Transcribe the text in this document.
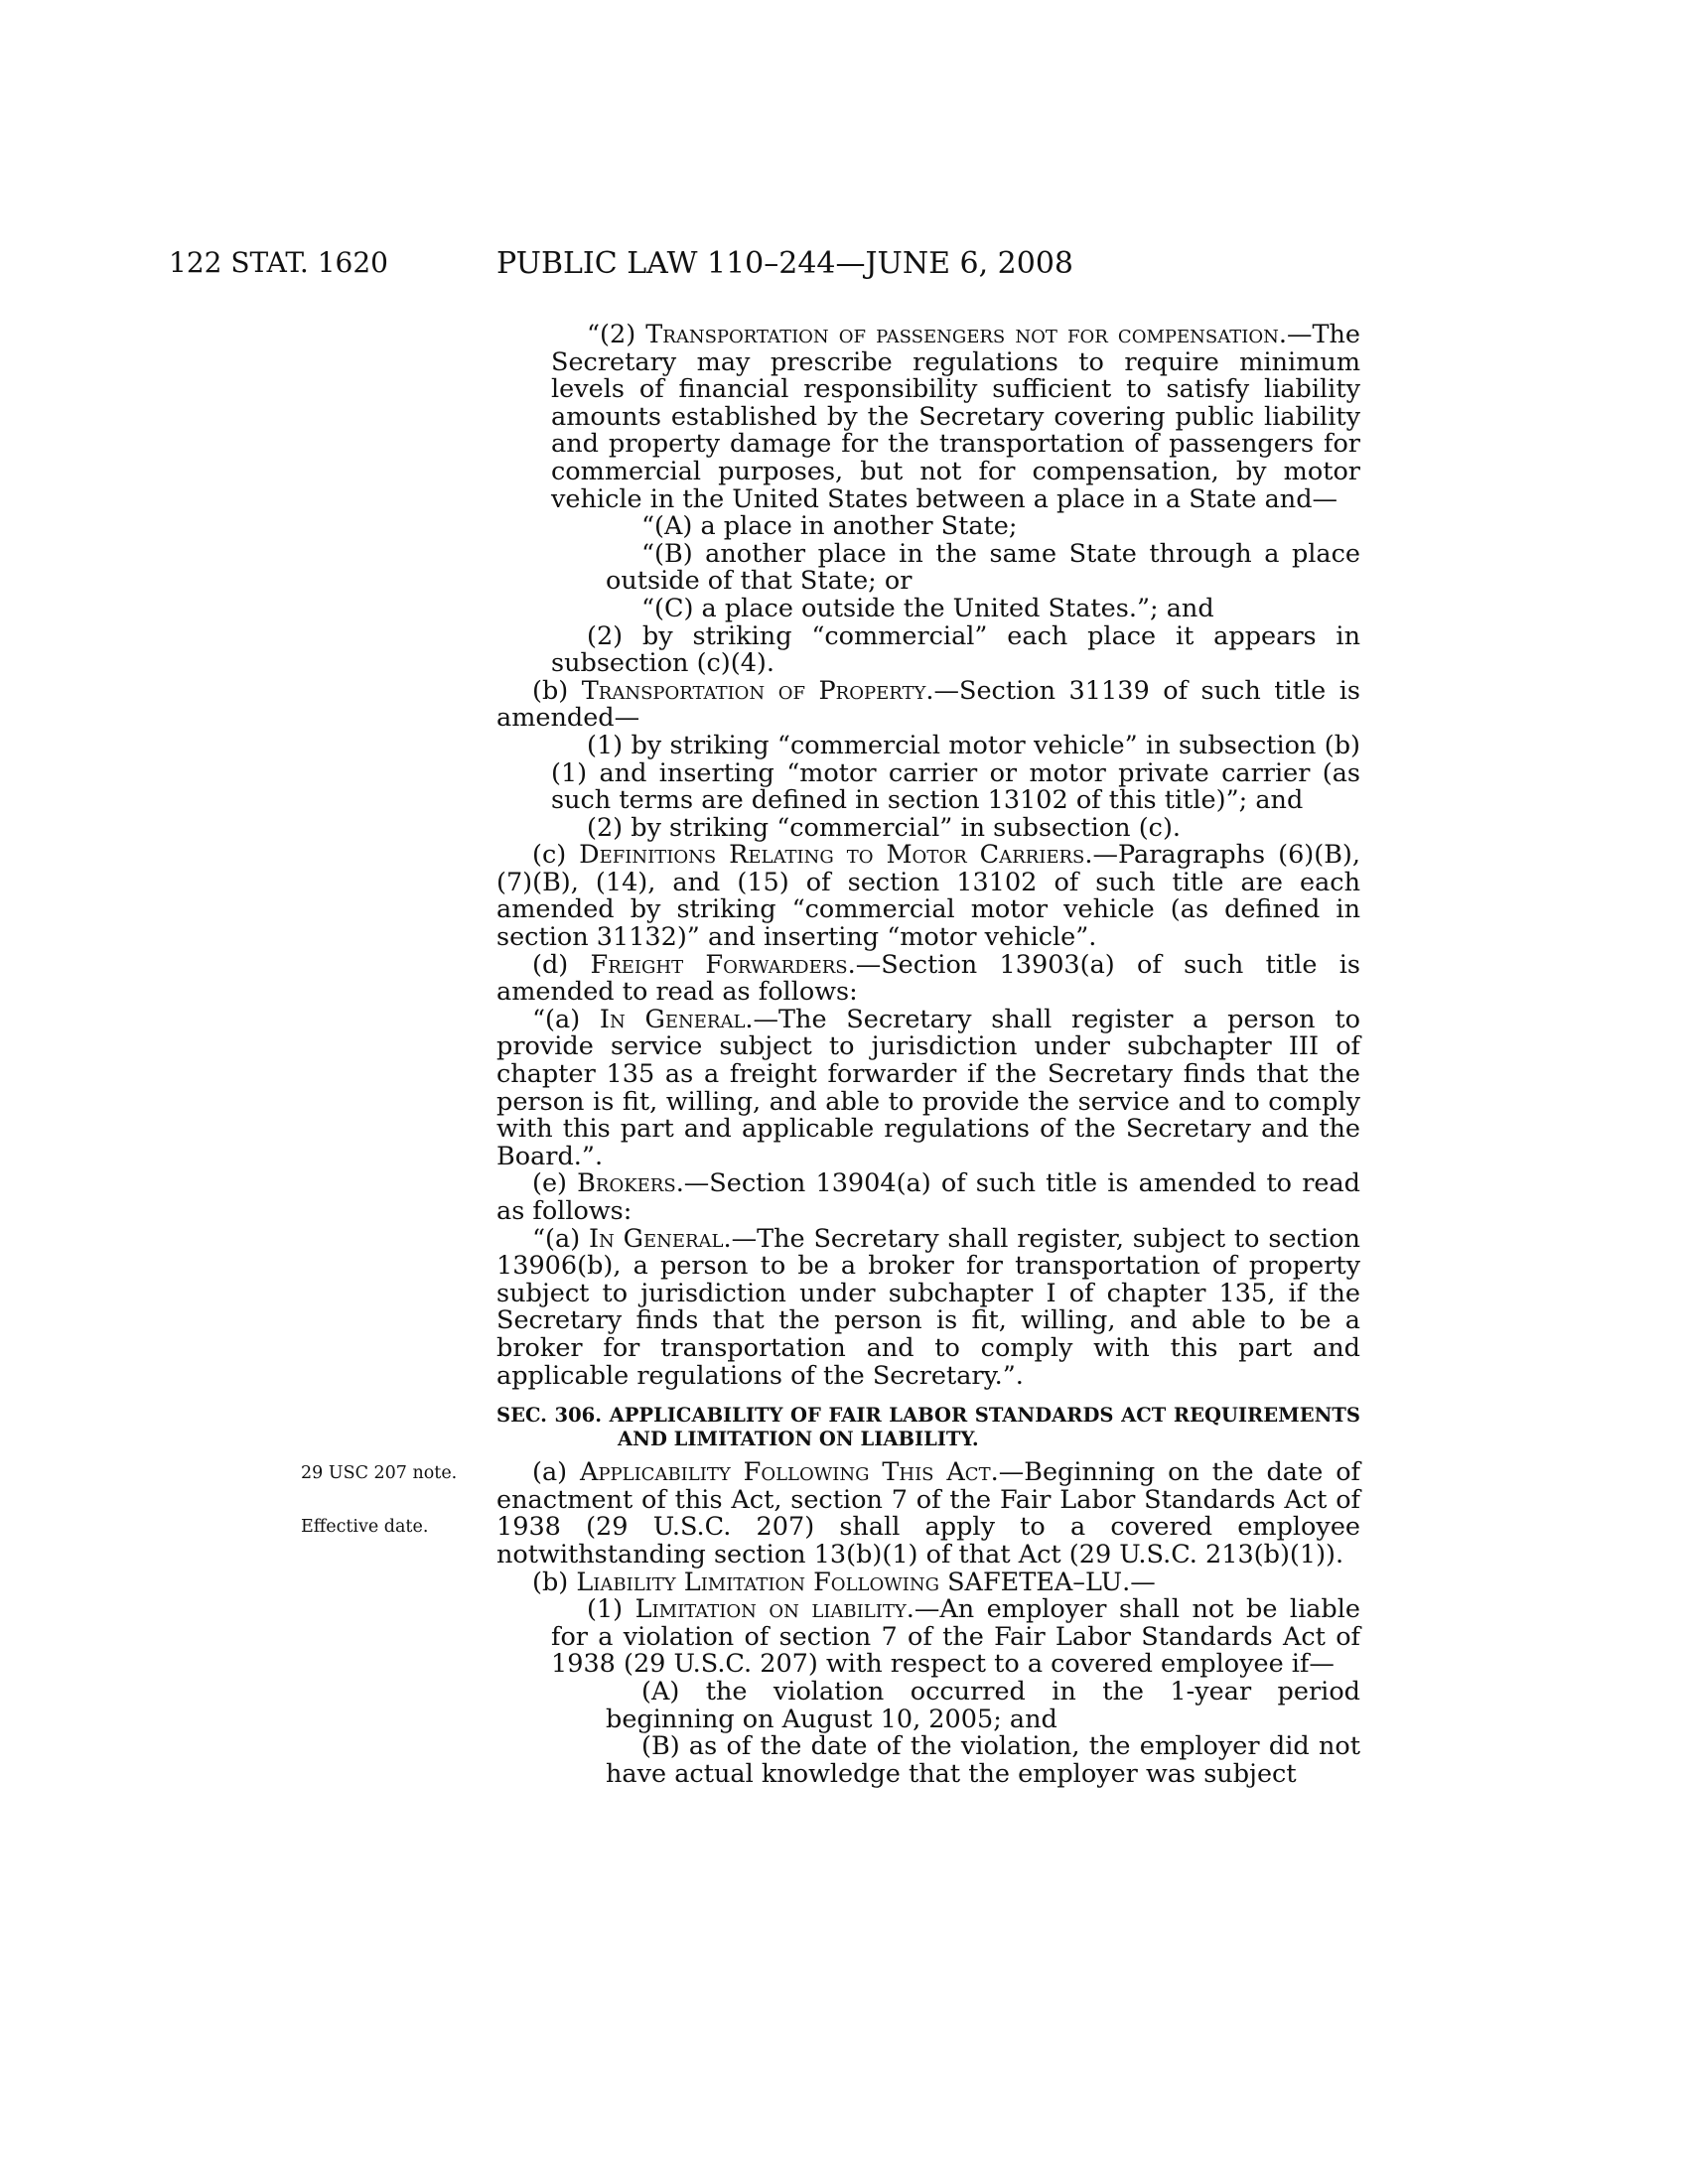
122 STAT. 1620	PUBLIC LAW 110–244—JUNE 6, 2008
29 USC 207 note.
Effective date.

“(2) Transportation of passengers not for compensation.—The Secretary may prescribe regulations to require minimum levels of financial responsibility sufficient to satisfy liability amounts established by the Secretary covering public liability and property damage for the transportation of passengers for commercial purposes, but not for compensation, by motor vehicle in the United States between a place in a State and—

“(A) a place in another State;

“(B) another place in the same State through a place outside of that State; or

“(C) a place outside the United States.”; and

(2) by striking “commercial” each place it appears in subsection (c)(4).

(b) Transportation of Property.—Section 31139 of such title is amended—

(1) by striking “commercial motor vehicle” in subsection (b)(1) and inserting “motor carrier or motor private carrier (as such terms are defined in section 13102 of this title)”; and

(2) by striking “commercial” in subsection (c).

(c) Definitions Relating to Motor Carriers.—Paragraphs (6)(B), (7)(B), (14), and (15) of section 13102 of such title are each amended by striking “commercial motor vehicle (as defined in section 31132)” and inserting “motor vehicle”.

(d) Freight Forwarders.—Section 13903(a) of such title is amended to read as follows:

“(a) In General.—The Secretary shall register a person to provide service subject to jurisdiction under subchapter III of chapter 135 as a freight forwarder if the Secretary finds that the person is fit, willing, and able to provide the service and to comply with this part and applicable regulations of the Secretary and the Board.”.

(e) Brokers.—Section 13904(a) of such title is amended to read as follows:

“(a) In General.—The Secretary shall register, subject to section 13906(b), a person to be a broker for transportation of property subject to jurisdiction under subchapter I of chapter 135, if the Secretary finds that the person is fit, willing, and able to be a broker for transportation and to comply with this part and applicable regulations of the Secretary.”.

SEC. 306. APPLICABILITY OF FAIR LABOR STANDARDS ACT REQUIREMENTS AND LIMITATION ON LIABILITY.

(a) Applicability Following This Act.—Beginning on the date of enactment of this Act, section 7 of the Fair Labor Standards Act of 1938 (29 U.S.C. 207) shall apply to a covered employee notwithstanding section 13(b)(1) of that Act (29 U.S.C. 213(b)(1)).

(b) Liability Limitation Following SAFETEA–LU.—

(1) Limitation on liability.—An employer shall not be liable for a violation of section 7 of the Fair Labor Standards Act of 1938 (29 U.S.C. 207) with respect to a covered employee if—

(A) the violation occurred in the 1-year period beginning on August 10, 2005; and

(B) as of the date of the violation, the employer did not have actual knowledge that the employer was subject
